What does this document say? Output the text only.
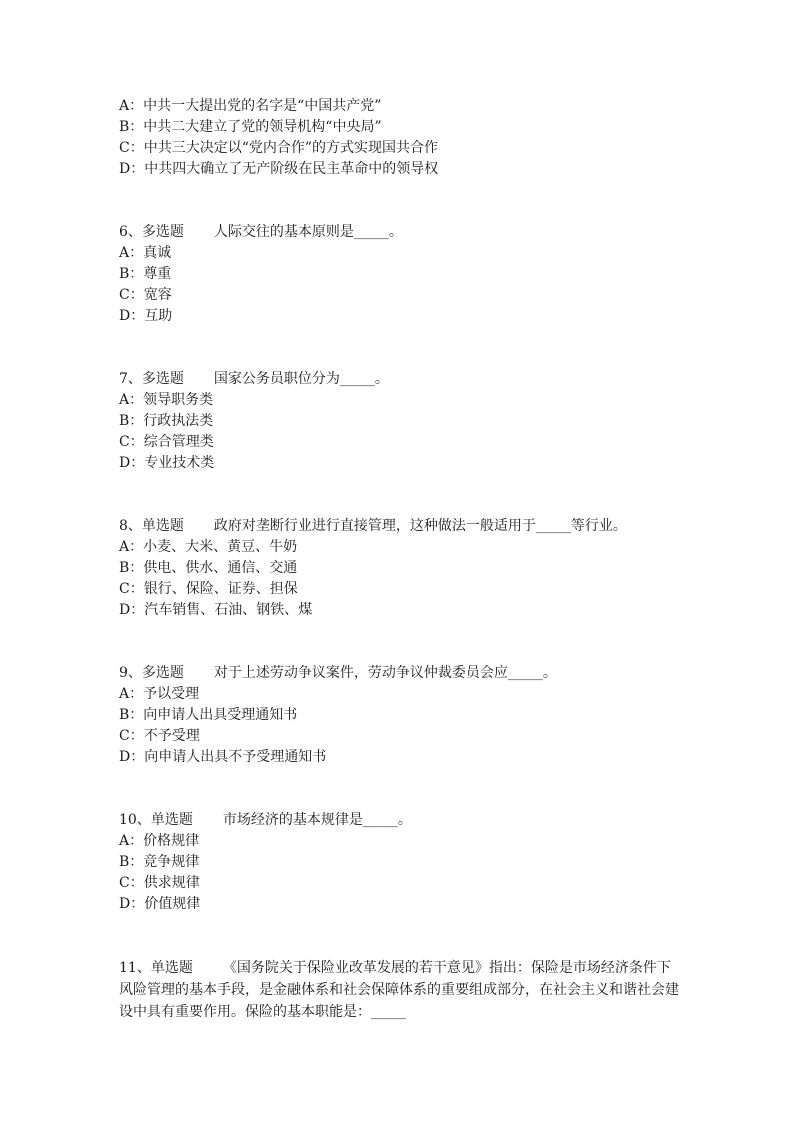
A：中共一大提出党的名字是“中国共产党”
B：中共二大建立了党的领导机构“中央局”
C：中共三大决定以“党内合作”的方式实现国共合作
D：中共四大确立了无产阶级在民主革命中的领导权
6、多选题 人际交往的基本原则是_____。
A：真诚
B：尊重
C：宽容
D：互助
7、多选题 国家公务员职位分为_____。
A：领导职务类
B：行政执法类
C：综合管理类
D：专业技术类
8、单选题 政府对垄断行业进行直接管理，这种做法一般适用于_____等行业。
A：小麦、大米、黄豆、牛奶
B：供电、供水、通信、交通
C：银行、保险、证券、担保
D：汽车销售、石油、钢铁、煤
9、多选题 对于上述劳动争议案件，劳动争议仲裁委员会应_____。
A：予以受理
B：向申请人出具受理通知书
C：不予受理
D：向申请人出具不予受理通知书
10、单选题 市场经济的基本规律是_____。
A：价格规律
B：竞争规律
C：供求规律
D：价值规律
11、单选题 《国务院关于保险业改革发展的若干意见》指出：保险是市场经济条件下风险管理的基本手段，是金融体系和社会保障体系的重要组成部分，在社会主义和谐社会建设中具有重要作用。保险的基本职能是：_____
